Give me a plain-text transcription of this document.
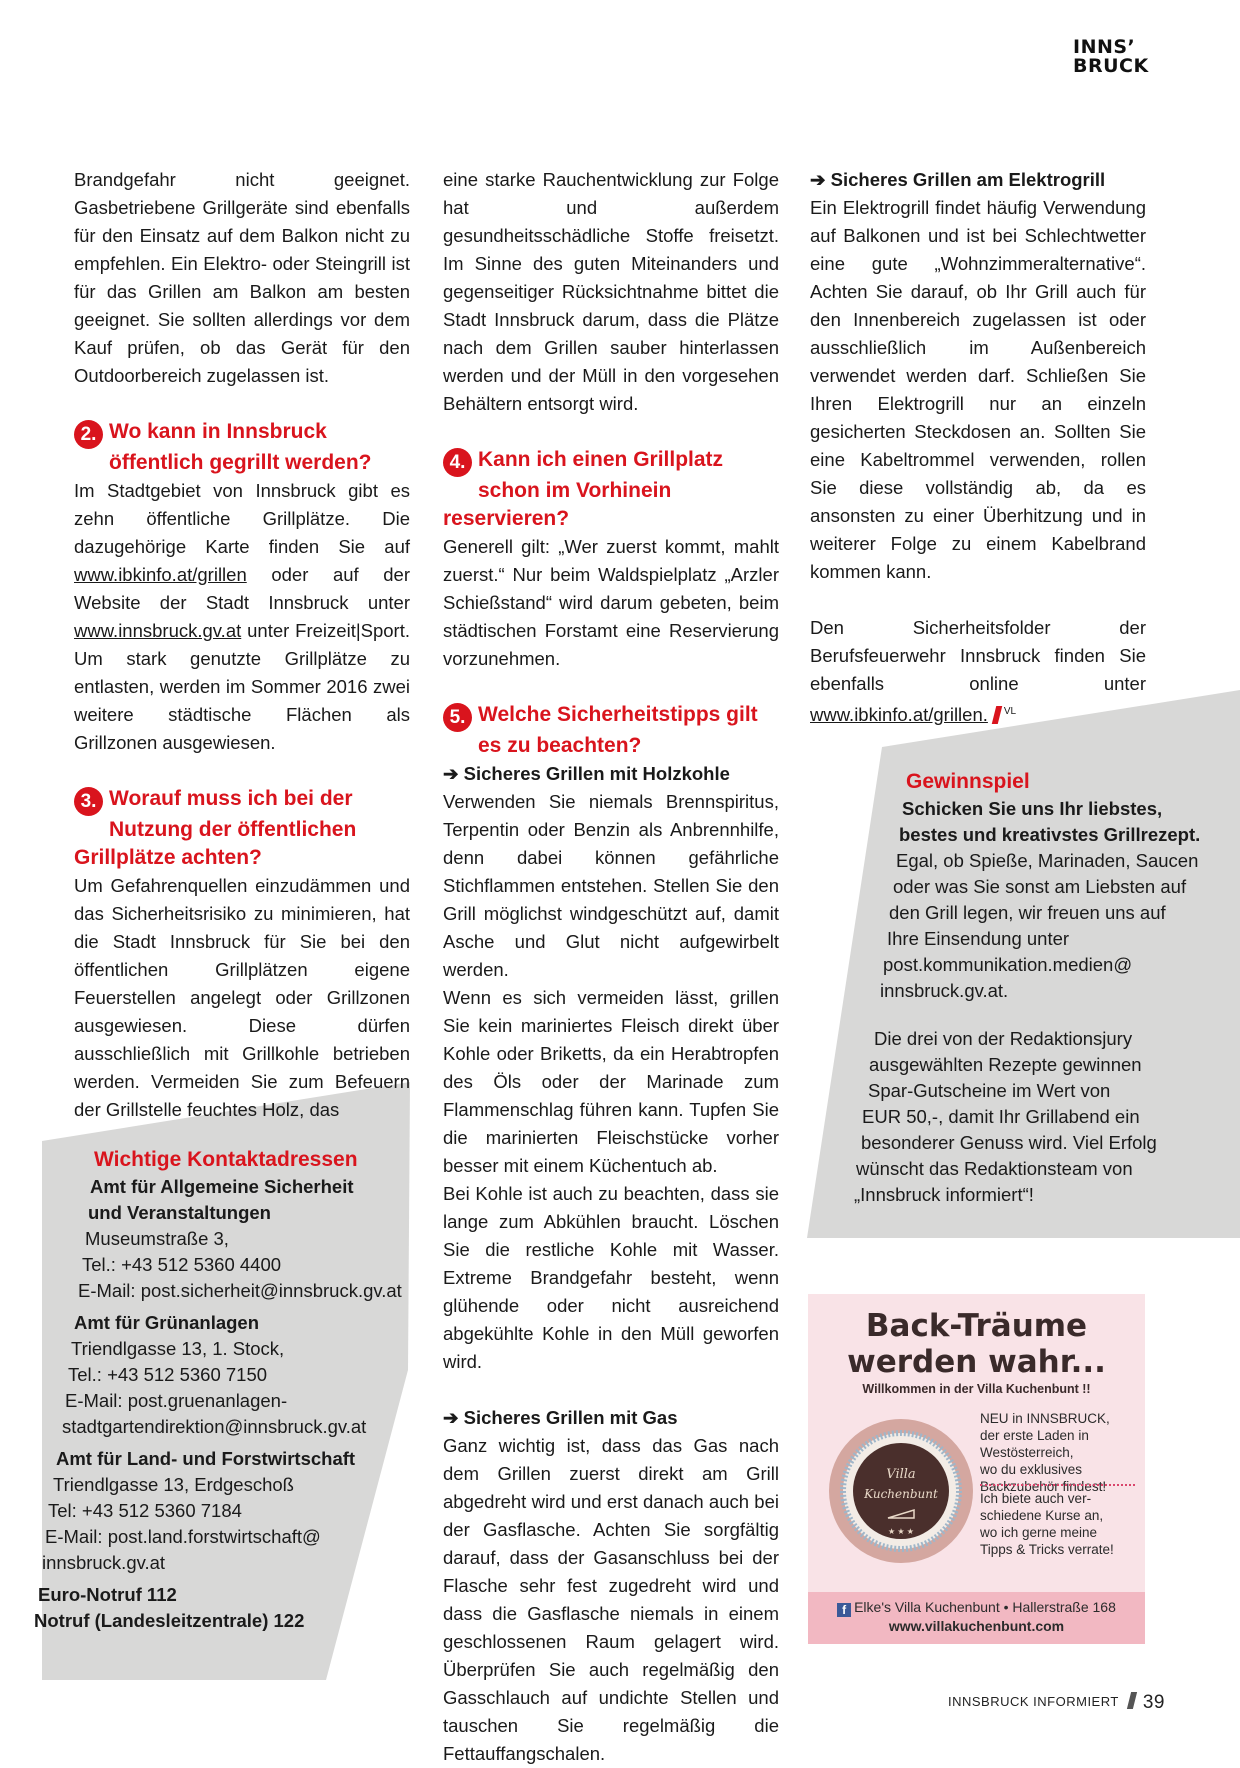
INNS’
BRUCK

Brandgefahr nicht geeignet. Gasbetriebene Grillgeräte sind ebenfalls für den Einsatz auf dem Balkon nicht zu empfehlen. Ein Elektro- oder Steingrill ist für das Grillen am Balkon am besten geeignet. Sie sollten allerdings vor dem Kauf prüfen, ob das Gerät für den Outdoorbereich zugelassen ist.

2. Wo kann in Innsbruck
öffentlich gegrillt werden?

Im Stadtgebiet von Innsbruck gibt es zehn öffentliche Grillplätze. Die dazugehörige Karte finden Sie auf www.ibkinfo.at/grillen oder auf der Website der Stadt Innsbruck unter www.innsbruck.gv.at unter Freizeit|Sport. Um stark genutzte Grillplätze zu entlasten, werden im Sommer 2016 zwei weitere städtische Flächen als Grillzonen ausgewiesen.

3. Worauf muss ich bei der
Nutzung der öffentlichen
Grillplätze achten?

Um Gefahrenquellen einzudämmen und das Sicherheitsrisiko zu minimieren, hat die Stadt Innsbruck für Sie bei den öffentlichen Grillplätzen eigene Feuerstellen angelegt oder Grillzonen ausgewiesen. Diese dürfen ausschließlich mit Grillkohle betrieben werden. Vermeiden Sie zum Befeuern der Grillstelle feuchtes Holz, das

eine starke Rauchentwicklung zur Folge hat und außerdem gesundheitsschädliche Stoffe freisetzt. Im Sinne des guten Miteinanders und gegenseitiger Rücksichtnahme bittet die Stadt Innsbruck darum, dass die Plätze nach dem Grillen sauber hinterlassen werden und der Müll in den vorgesehen Behältern entsorgt wird.

4. Kann ich einen Grillplatz
schon im Vorhinein
reservieren?

Generell gilt: „Wer zuerst kommt, mahlt zuerst.“ Nur beim Waldspielplatz „Arzler Schießstand“ wird darum gebeten, beim städtischen Forstamt eine Reservierung vorzunehmen.

5. Welche Sicherheitstipps gilt
es zu beachten?

➔ Sicheres Grillen mit Holzkohle

Verwenden Sie niemals Brennspiritus, Terpentin oder Benzin als Anbrennhilfe, denn dabei können gefährliche Stichflammen entstehen. Stellen Sie den Grill möglichst windgeschützt auf, damit Asche und Glut nicht aufgewirbelt werden.

Wenn es sich vermeiden lässt, grillen Sie kein mariniertes Fleisch direkt über Kohle oder Briketts, da ein Herabtropfen des Öls oder der Marinade zum Flammenschlag führen kann. Tupfen Sie die marinierten Fleischstücke vorher besser mit einem Küchentuch ab.

Bei Kohle ist auch zu beachten, dass sie lange zum Abkühlen braucht. Löschen Sie die restliche Kohle mit Wasser. Extreme Brandgefahr besteht, wenn glühende oder nicht ausreichend abgekühlte Kohle in den Müll geworfen wird.

➔ Sicheres Grillen mit Gas

Ganz wichtig ist, dass das Gas nach dem Grillen zuerst direkt am Grill abgedreht wird und erst danach auch bei der Gasflasche. Achten Sie sorgfältig darauf, dass der Gasanschluss bei der Flasche sehr fest zugedreht wird und dass die Gasflasche niemals in einem geschlossenen Raum gelagert wird. Überprüfen Sie auch regelmäßig den Gasschlauch auf undichte Stellen und tauschen Sie regelmäßig die Fettauffangschalen.

➔ Sicheres Grillen am Elektrogrill

Ein Elektrogrill findet häufig Verwendung auf Balkonen und ist bei Schlechtwetter eine gute „Wohnzimmeralternative“. Achten Sie darauf, ob Ihr Grill auch für den Innenbereich zugelassen ist oder ausschließlich im Außenbereich verwendet werden darf. Schließen Sie Ihren Elektrogrill nur an einzeln gesicherten Steckdosen an. Sollten Sie eine Kabeltrommel verwenden, rollen Sie diese vollständig ab, da es ansonsten zu einer Überhitzung und in weiterer Folge zu einem Kabelbrand kommen kann.

Den Sicherheitsfolder der Berufsfeuerwehr Innsbruck finden Sie ebenfalls online unter www.ibkinfo.at/grillen. $^{VL}$

Wichtige Kontaktadressen
Amt für Allgemeine Sicherheit
und Veranstaltungen
Museumstraße 3,
Tel.: +43 512 5360 4400
E-Mail: post.sicherheit@innsbruck.gv.at
Amt für Grünanlagen
Triendlgasse 13, 1. Stock,
Tel.: +43 512 5360 7150
E-Mail: post.gruenanlagen-
stadtgartendirektion@innsbruck.gv.at
Amt für Land- und Forstwirtschaft
Triendlgasse 13, Erdgeschoß
Tel: +43 512 5360 7184
E-Mail: post.land.forstwirtschaft@
innsbruck.gv.at
Euro-Notruf 112
Notruf (Landesleitzentrale) 122
Gewinnspiel
Schicken Sie uns Ihr liebstes,
bestes und kreativstes Grillrezept.
Egal, ob Spieße, Marinaden, Saucen
oder was Sie sonst am Liebsten auf
den Grill legen, wir freuen uns auf
Ihre Einsendung unter
post.kommunikation.medien@
innsbruck.gv.at.
Die drei von der Redaktionsjury
ausgewählten Rezepte gewinnen
Spar-Gutscheine im Wert von
EUR 50,-, damit Ihr Grillabend ein
besonderer Genuss wird. Viel Erfolg
wünscht das Redaktionsteam von
„Innsbruck informiert“!
Back-Träume
werden wahr...
Willkommen in der Villa Kuchenbunt !!
Villa
Kuchenbunt
★ ★ ★
NEU in INNSBRUCK,
der erste Laden in
Westösterreich,
wo du exklusives
Backzubehör findest!
Ich biete auch ver-
schiedene Kurse an,
wo ich gerne meine
Tipps & Tricks verrate!
f Elke's Villa Kuchenbunt • Hallerstraße 168
www.villakuchenbunt.com
INNSBRUCK INFORMIERT 39
